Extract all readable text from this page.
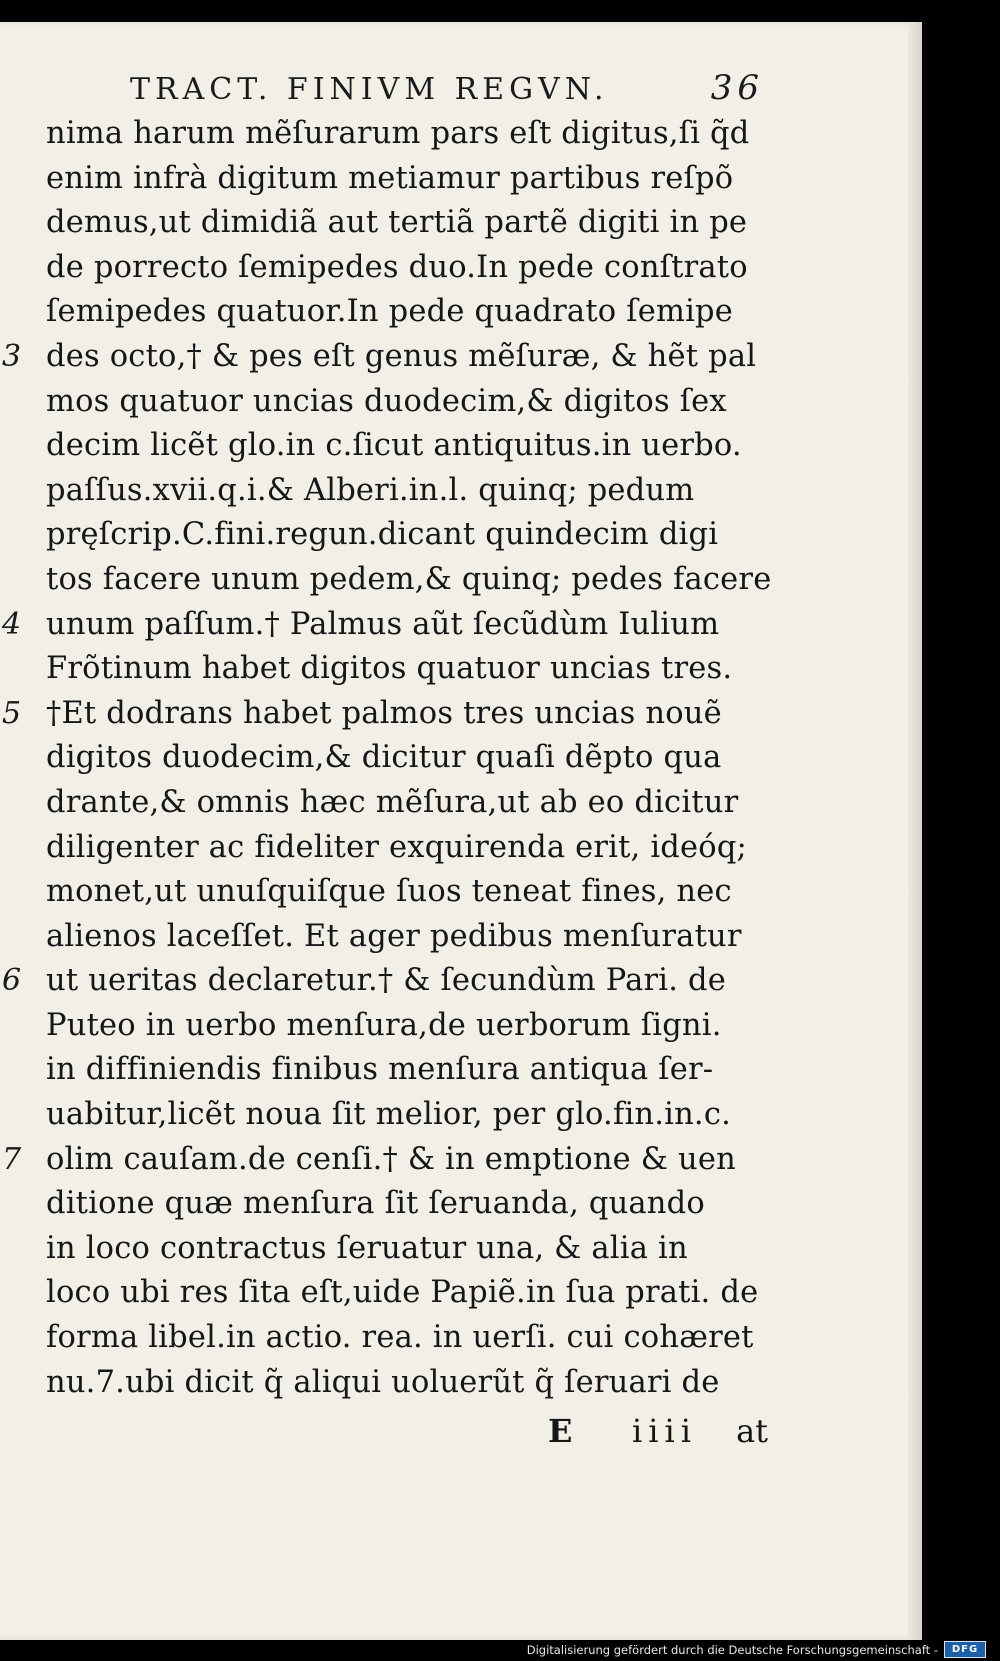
TRACT. FINIVM REGVN.	36
nima harum mẽſurarum pars eſt digitus,ſi q̃d
enim infrà digitum metiamur partibus reſpõ
demus,ut dimidiã aut tertiã partẽ digiti in pe
de porrecto ſemipedes duo.In pede conſtrato
ſemipedes quatuor.In pede quadrato ſemipe
des octo,† & pes eſt genus mẽſuræ, & hẽt pal
mos quatuor uncias duodecim,& digitos ſex
decim licẽt glo.in c.ſicut antiquitus.in uerbo.
paſſus.xvii.q.i.& Alberi.in.l. quinq; pedum
pręſcrip.C.fini.regun.dicant quindecim digi
tos facere unum pedem,& quinq; pedes facere
unum paſſum.† Palmus aũt ſecũdùm Iulium
Frõtinum habet digitos quatuor uncias tres.
†Et dodrans habet palmos tres uncias nouẽ
digitos duodecim,& dicitur quaſi dẽpto qua
drante,& omnis hæc mẽſura,ut ab eo dicitur
diligenter ac fideliter exquirenda erit, ideóq;
monet,ut unuſquiſque ſuos teneat fines, nec
alienos laceſſet. Et ager pedibus menſuratur
ut ueritas declaretur.† & ſecundùm Pari. de
Puteo in uerbo menſura,de uerborum ſigni.
in diffiniendis finibus menſura antiqua ſer-
uabitur,licẽt noua ſit melior, per glo.fin.in.c.
olim cauſam.de cenſi.† & in emptione & uen
ditione quæ menſura ſit ſeruanda, quando
in loco contractus ſeruatur una, & alia in
loco ubi res ſita eſt,uide Papiẽ.in ſua prati. de
forma libel.in actio. rea. in uerſi. cui cohæret
nu.7.ubi dicit q̃ aliqui uoluerũt q̃ ſeruari de
3
4
5
6
7
E iiii at
Digitalisierung gefördert durch die Deutsche Forschungsgemeinschaft -	DFG
